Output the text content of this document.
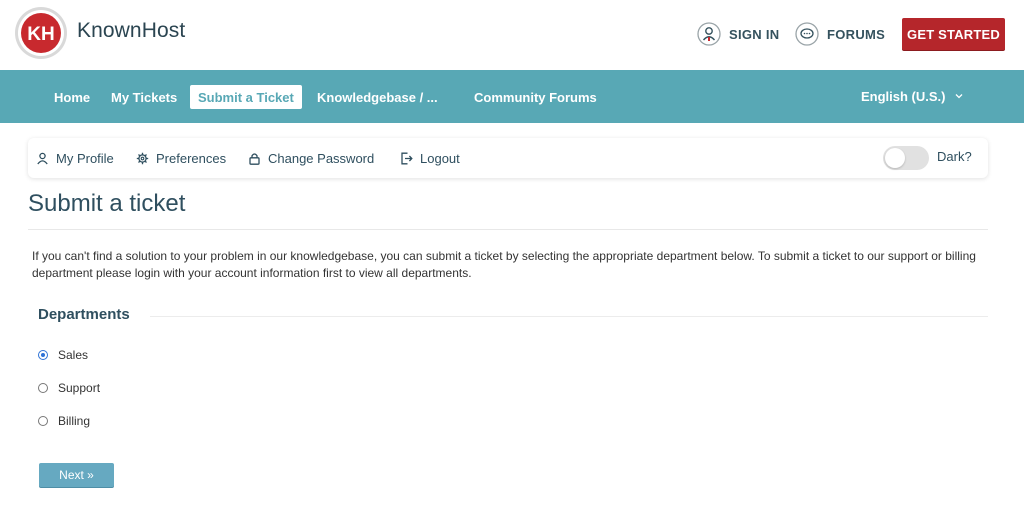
KH KnownHost	SIGN IN	FORUMS	GET STARTED
Home My Tickets	Submit a Ticket	Knowledgebase / ...	Community Forums	English (U.S.)
My Profile	Preferences	Change Password	Logout	Dark?
Submit a ticket
If you can't find a solution to your problem in our knowledgebase, you can submit a ticket by selecting the appropriate department below. To submit a ticket to our support or billing department please login with your account information first to view all departments.
Departments
Sales
Support
Billing
Next »
